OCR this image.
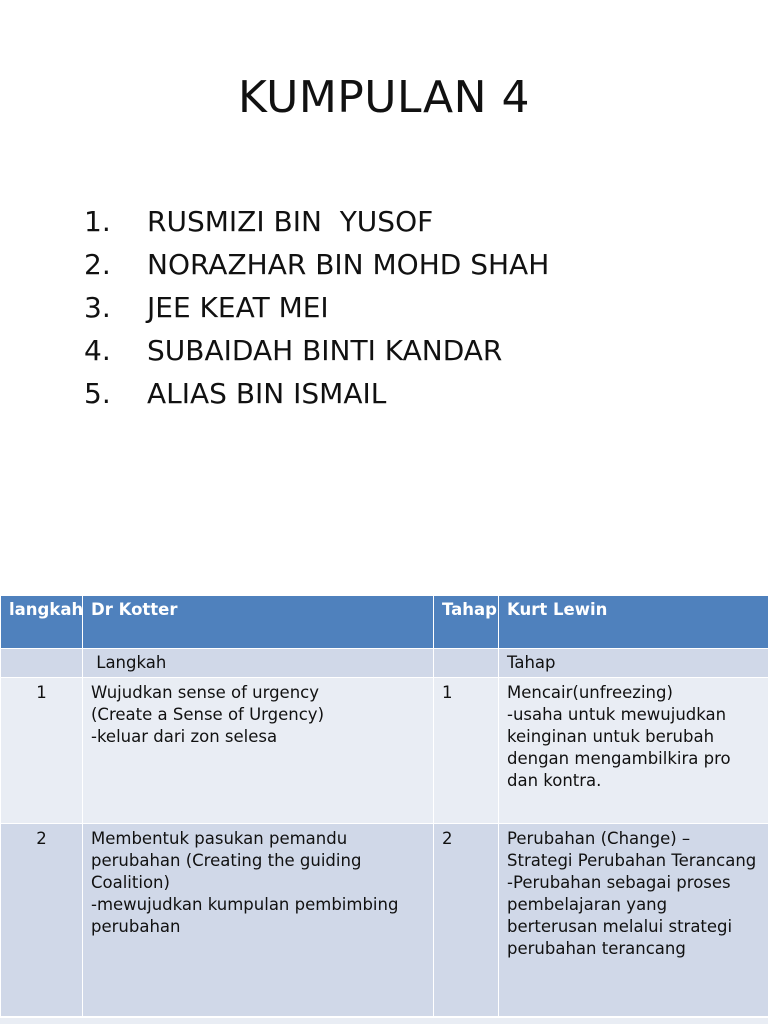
KUMPULAN 4
1. RUSMIZI BIN  YUSOF
2. NORAZHAR BIN MOHD SHAH
3. JEE KEAT MEI
4. SUBAIDAH BINTI KANDAR
5. ALIAS BIN ISMAIL
langkah	Dr Kotter	Tahap	Kurt Lewin
	Langkah		Tahap
1	Wujudkan sense of urgency
(Create a Sense of Urgency)
-keluar dari zon selesa	1	Mencair(unfreezing)
-usaha untuk mewujudkan keinginan untuk berubah dengan mengambilkira pro dan kontra.
2	Membentuk pasukan pemandu perubahan (Creating the guiding Coalition)
-mewujudkan kumpulan pembimbing perubahan	2	Perubahan (Change) – Strategi Perubahan Terancang
-Perubahan sebagai proses pembelajaran yang berterusan melalui strategi perubahan terancang
